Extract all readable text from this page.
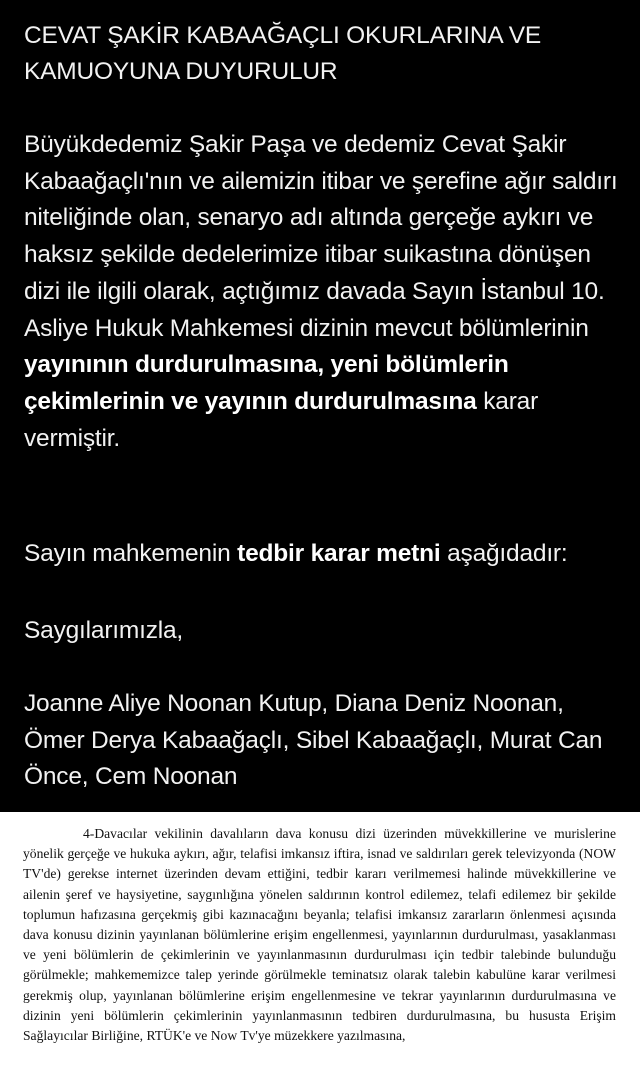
CEVAT ŞAKİR KABAAĞAÇLI OKURLARINA VE KAMUOYUNA DUYURULUR

Büyükdedemiz Şakir Paşa ve dedemiz Cevat Şakir Kabaağaçlı'nın ve ailemizin itibar ve şerefine ağır saldırı niteliğinde olan, senaryo adı altında gerçeğe aykırı ve haksız şekilde dedelerimize itibar suikastına dönüşen dizi ile ilgili olarak, açtığımız davada Sayın İstanbul 10. Asliye Hukuk Mahkemesi dizinin mevcut bölümlerinin yayınının durdurulmasına, yeni bölümlerin çekimlerinin ve yayının durdurulmasına karar vermiştir.

Sayın mahkemenin tedbir karar metni aşağıdadır:

Saygılarımızla,

Joanne Aliye Noonan Kutup, Diana Deniz Noonan, Ömer Derya Kabaağaçlı, Sibel Kabaağaçlı, Murat Can Önce, Cem Noonan

4-Davacılar vekilinin davalıların dava konusu dizi üzerinden müvekkillerine ve murislerine yönelik gerçeğe ve hukuka aykırı, ağır, telafisi imkansız iftira, isnad ve saldırıları gerek televizyonda (NOW TV'de) gerekse internet üzerinden devam ettiğini, tedbir kararı verilmemesi halinde müvekkillerine ve ailenin şeref ve haysiyetine, saygınlığına yönelen saldırının kontrol edilemez, telafi edilemez bir şekilde toplumun hafızasına gerçekmiş gibi kazınacağını beyanla; telafisi imkansız zararların önlenmesi açısında dava konusu dizinin yayınlanan bölümlerine erişim engellenmesi, yayınlarının durdurulması, yasaklanması ve yeni bölümlerin de çekimlerinin ve yayınlanmasının durdurulması için tedbir talebinde bulunduğu görülmekle; mahkememizce talep yerinde görülmekle teminatsız olarak talebin kabulüne karar verilmesi gerekmiş olup, yayınlanan bölümlerine erişim engellenmesine ve tekrar yayınlarının durdurulmasına ve dizinin yeni bölümlerin çekimlerinin yayınlanmasının tedbiren durdurulmasına, bu hususta Erişim Sağlayıcılar Birliğine, RTÜK'e ve Now Tv'ye müzekkere yazılmasına,
